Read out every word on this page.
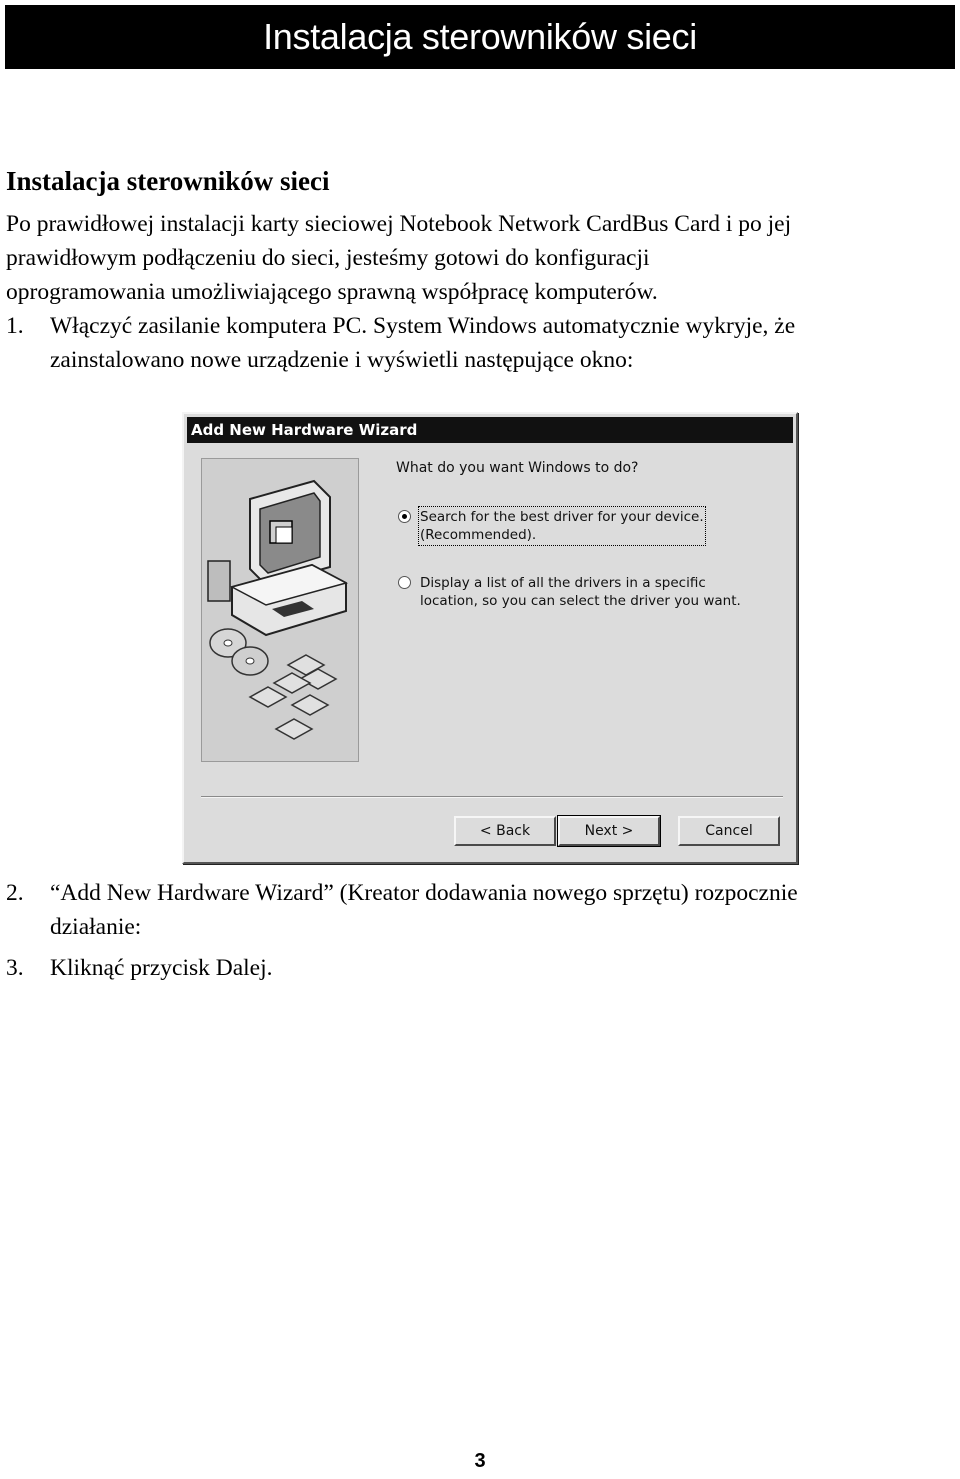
Instalacja sterowników sieci
Instalacja sterowników sieci
Po prawidłowej instalacji karty sieciowej Notebook Network CardBus Card i po jej
prawidłowym podłączeniu do sieci, jesteśmy gotowi do konfiguracji
oprogramowania umożliwiającego sprawną współpracę komputerów.
1. Włączyć zasilanie komputera PC. System Windows automatycznie wykryje, że
zainstalowano nowe urządzenie i wyświetli następujące okno:
Add New Hardware Wizard
What do you want Windows to do?
Search for the best driver for your device.
(Recommended).
Display a list of all the drivers in a specific
location, so you can select the driver you want.
< Back	Next >	Cancel
2. “Add New Hardware Wizard” (Kreator dodawania nowego sprzętu) rozpocznie
działanie:
3. Kliknąć przycisk Dalej.
3
